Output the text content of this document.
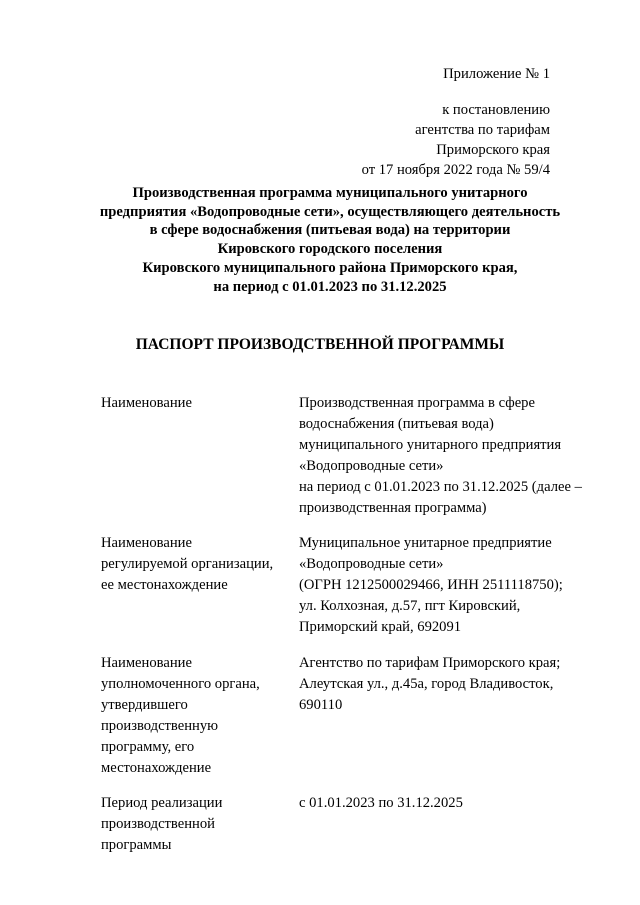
Приложение № 1
к постановлению
агентства по тарифам
Приморского края
от 17 ноября 2022 года № 59/4
Производственная программа муниципального унитарного
предприятия «Водопроводные сети», осуществляющего деятельность
в сфере водоснабжения (питьевая вода) на территории
Кировского городского поселения
Кировского муниципального района Приморского края,
на период с 01.01.2023 по 31.12.2025
ПАСПОРТ ПРОИЗВОДСТВЕННОЙ ПРОГРАММЫ
Наименование	Производственная программа в сфере
водоснабжения (питьевая вода)
муниципального унитарного предприятия
«Водопроводные сети»
на период с 01.01.2023 по 31.12.2025 (далее –
производственная программа)
Наименование
регулируемой организации,
ее местонахождение
Муниципальное унитарное предприятие
«Водопроводные сети»
(ОГРН 1212500029466, ИНН 2511118750);
ул. Колхозная, д.57, пгт Кировский,
Приморский край, 692091
Наименование
уполномоченного органа,
утвердившего
производственную
программу, его
местонахождение
Агентство по тарифам Приморского края;
Алеутская ул., д.45а, город Владивосток,
690110
Период реализации
производственной
программы
с 01.01.2023 по 31.12.2025
